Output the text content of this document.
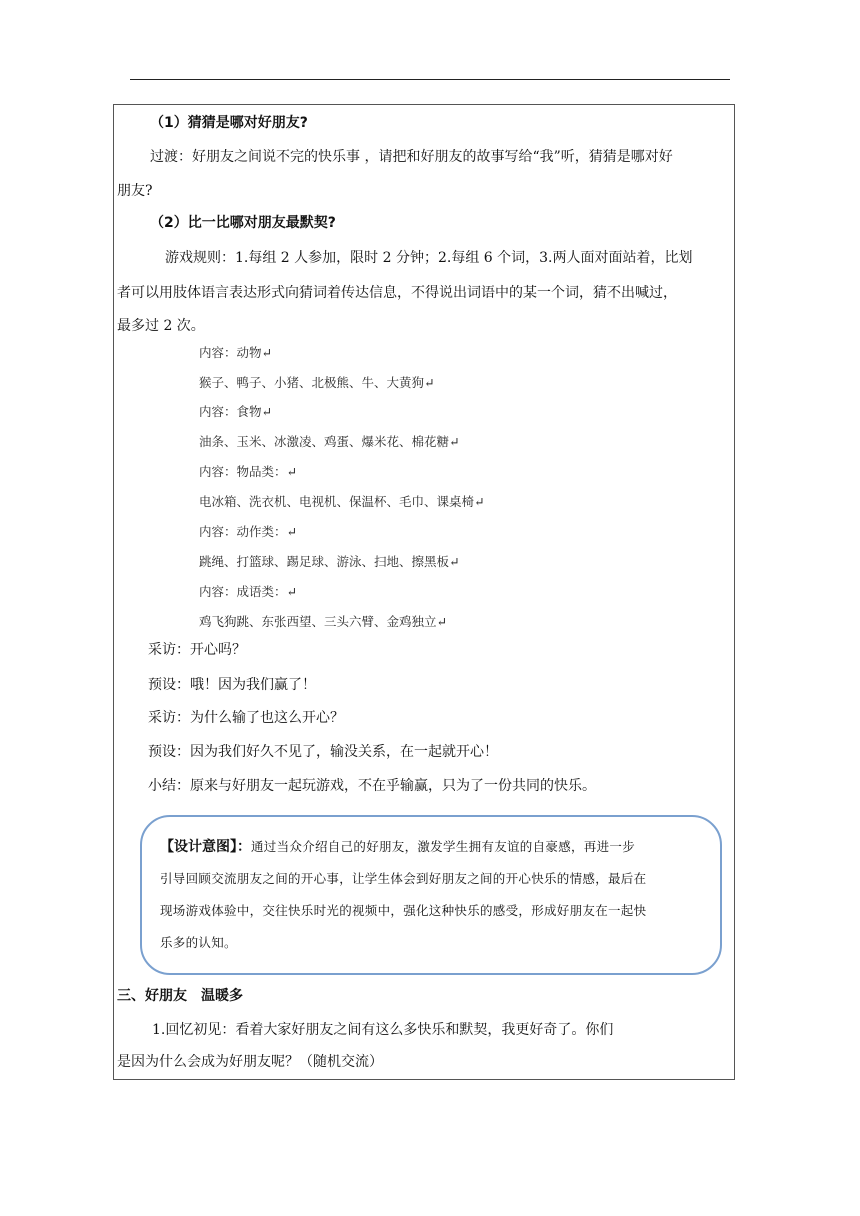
（1）猜猜是哪对好朋友?
过渡：好朋友之间说不完的快乐事 ，请把和好朋友的故事写给“我”听，猜猜是哪对好
朋友?
（2）比一比哪对朋友最默契?
游戏规则：1.每组 2 人参加，限时 2 分钟；2.每组 6 个词，3.两人面对面站着，比划
者可以用肢体语言表达形式向猜词着传达信息，不得说出词语中的某一个词，猜不出喊过，
最多过 2 次。
内容：动物↵
猴子、鸭子、小猪、北极熊、牛、大黄狗↵
内容：食物↵
油条、玉米、冰激凌、鸡蛋、爆米花、棉花糖↵
内容：物品类：↵
电冰箱、洗衣机、电视机、保温杯、毛巾、课桌椅↵
内容：动作类：↵
跳绳、打篮球、踢足球、游泳、扫地、擦黑板↵
内容：成语类：↵
鸡飞狗跳、东张西望、三头六臂、金鸡独立↵
采访：开心吗？
预设：哦！因为我们赢了！
采访：为什么输了也这么开心？
预设：因为我们好久不见了，输没关系，在一起就开心！
小结：原来与好朋友一起玩游戏，不在乎输赢，只为了一份共同的快乐。
【设计意图】：通过当众介绍自己的好朋友，激发学生拥有友谊的自豪感，再进一步
引导回顾交流朋友之间的开心事，让学生体会到好朋友之间的开心快乐的情感，最后在
现场游戏体验中，交往快乐时光的视频中，强化这种快乐的感受，形成好朋友在一起快
乐多的认知。
三、好朋友　温暖多
1.回忆初见：看着大家好朋友之间有这么多快乐和默契，我更好奇了。你们
是因为什么会成为好朋友呢？（随机交流）
